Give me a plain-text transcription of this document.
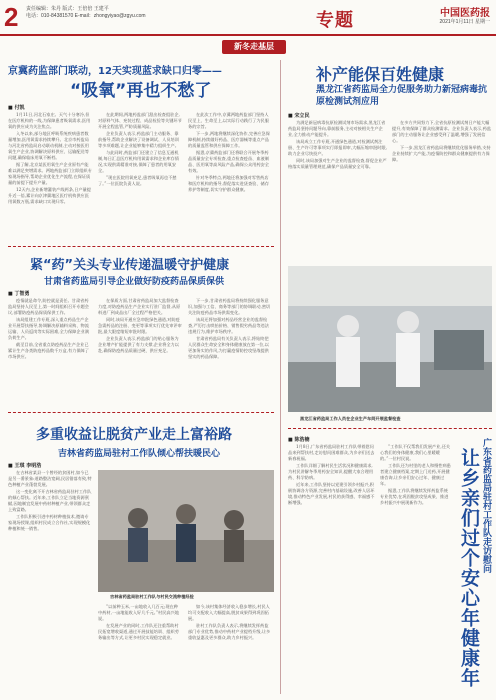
2 责任编辑：朱丹 版式：王倍倍 王建平
电话：010-84381570 E-mail：zhongyiyao@zgyu.com	专题	中国医药报
2021年1月11日 星期一
新冬走基层
京冀药监部门联动，12天实现蓝求缺口归零——
“吸氧”再也不愁了
■ 付凯

1月11日,河北石家庄。天气十分寒冷,但在医疗机构的一线,为保障患者吸氧需求,医用氧的供应成为关注焦点。

入冬以来,部分地区呼吸系统疾病患者数量增加,医用氧需求持续攀升。北京市药监局与河北省药监局启动联动机制,主动对接医用氧生产企业,协调解决原料供应、运输配送等问题,确保临床用氧不断档。

据了解,北京某医用氧生产企业原有产能难以满足突增需求。两地药监部门立即组织专家现场指导,帮助企业优化生产流程,在保证质量的前提下提升产量。

12天内,企业新增灌装产线两条,日产量提升近一倍,累计向京津冀地区医疗机构供应医用氧数万瓶,需求缺口实现归零。

在此期间,两地药监部门派出检查组驻企,对原料气体、充装过程、成品检验等关键环节开展全程监管,严防质量风险。

企业负责人表示,药监部门主动服务、靠前指导,帮助企业解决了设备调试、人员培训等多项难题,让企业能够集中精力组织生产。

与此同时,药监部门还建立了信息互通机制,每日汇总医疗机构用氧需求和企业库存情况,实现供需精准对接,保障了患者的用氧安全。

“现在医院用氧充足,患者吸氧再也不愁了。”一位医院负责人说。

在此次工作中,京冀两地药监部门坚持人民至上、生命至上,以实际行动践行了为民服务的宗旨。

下一步,两地将继续深化协作,完善应急保障机制,持续做好药品、医疗器械等重点产品的质量监管和供应保障工作。

据悉,京冀药监部门还将联合开展冬季药品质量安全专项检查,重点检查疫苗、血液制品、医用氧等高风险产品,确保公众用药安全有效。

针对冬季特点,两地还将加强对零售药店和医疗机构的指导,督促落实进货查验、储存养护等制度,切实守护群众健康。

紧“药”关头专业传递温暖守护健康
甘肃省药监局引导企业做好防疫药品保质保供
■ 丁智勇

疫情就是命令,防控就是责任。甘肃省药监局坚持人民至上,第一时间组织召开专题会议,部署防疫药品保质保供工作。

该局组建工作专班,深入重点药品生产企业开展帮扶指导,协调解决原辅料采购、物流运输、人员返岗等实际困难,全力保障企业满负荷生产。

截至目前,全省重点防疫药品生产企业已累计生产各类防疫药品数千万盒,有力保障了市场供应。

在保质方面,甘肃省药监局加大监督检查力度,对防疫药品生产企业实行驻厂监督,从原料进厂到成品出厂全过程严格把关。

同时,该局开通应急审批绿色通道,对防疫急需药品的注册、变更等事项实行优先审评审批,最大限度缩短审批时限。

企业负责人表示,药监部门的贴心服务为企业增产扩能提供了有力支撑,企业将全力以赴,确保防疫药品质量过硬、供应充足。

下一步,甘肃省药监局将持续强化服务意识,加强与工信、商务等部门的协调联动,密切关注防疫药品市场供需变化。

该局还将加强对药品经营企业的监督检查,严厉打击哄抬价格、销售假劣药品等违法违规行为,维护市场秩序。

甘肃省药监局有关负责人表示,将始终把人民群众生命安全和身体健康放在第一位,以更加务实的作风,为打赢疫情防控攻坚战提供坚实的药品保障。

多重收益让脱贫产业走上富裕路
吉林省药监局驻村工作队倾心帮扶暖民心
■ 王琪 李明浩

在吉林省某县一个曾经的贫困村,如今已是另一番景象:道路整洁宽阔,民居错落有致,特色种植产业蓬勃发展。

这一变化离不开吉林省药监局驻村工作队的倾心帮扶。近年来,工作队立足当地资源禀赋,因地制宜发展中药材种植产业,带领群众走上致富路。

工作队积极引进中药材种植技术,邀请专家现场授课,组织村民成立合作社,实现规模化种植和统一销售。

吉林省药监局驻村工作队与村民交流种植经验

“以前种玉米,一亩地收入几百元;现在种中药材,一亩地能收入好几千元。”村民高兴地说。

在发展产业的同时,工作队还注重帮助村民拓宽增收渠道,通过开展技能培训、组织劳务输出等方式,让更多村民实现稳定就业。

如今,该村集体经济收入稳步增长,村民人均可支配收入大幅提高,脱贫成果得到巩固拓展。

驻村工作队负责人表示,将继续发挥药监部门专业优势,推动中药材产业提档升级,让多重收益惠及更多群众,助力乡村振兴。

补产能保百姓健康
黑龙江省药监局全力促服务助力新冠病毒抗原检测试剂应用
■ 宋立民

为满足新冠病毒抗原检测试剂市场需求,黑龙江省药监局坚持问题导向,靠前服务,主动对接相关生产企业,全力推动产能提升。

该局成立工作专班,开通绿色通道,对检测试剂注册、生产许可等事项实行即报即审,大幅压缩审批时限,助力企业尽快投产。

同时,该局加强对生产企业的监督检查,督促企业严格落实质量管理规范,确保产品质量安全可靠。

在多方共同努力下,全省抗原检测试剂日产能大幅提升,有效保障了群众检测需求。企业负责人表示,药监部门的主动服务让企业感受到了温暖,增强了发展信心。

下一步,黑龙江省药监局将继续优化服务举措,支持企业持续扩大产能,为疫情防控和群众健康提供有力保障。

黑龙江省药监局工作人员在企业生产车间开展监督检查
■ 陈浩楠

1月8日,广东省药监局驻村工作队带着慰问品来到帮扶村,走访慰问困难群众,为乡亲们送去新春祝福。

工作队详细了解村民生活状况和健康需求,为村民讲解冬季用药安全知识,提醒大家合理用药、科学防病。

近年来,工作队坚持以党建引领乡村振兴,积极协调各方资源,完善村内基础设施,改善人居环境,推动特色产业发展,村民的获得感、幸福感不断增强。

“工作队不仅帮我们发展产业,还关心我们的身体健康,我们心里暖暖的。”一位村民说。

工作队还为村里的老人和慢性病患者建立健康档案,定期上门送药,开展健康咨询,让乡亲们安心过年、健康过年。

据悉,工作队将继续发挥药监系统专业优势,在巩固脱贫攻坚成果、推进乡村振兴中展现新作为。	广东省药监局驻村工作队走访慰问
让乡亲们过个安心年健康年
